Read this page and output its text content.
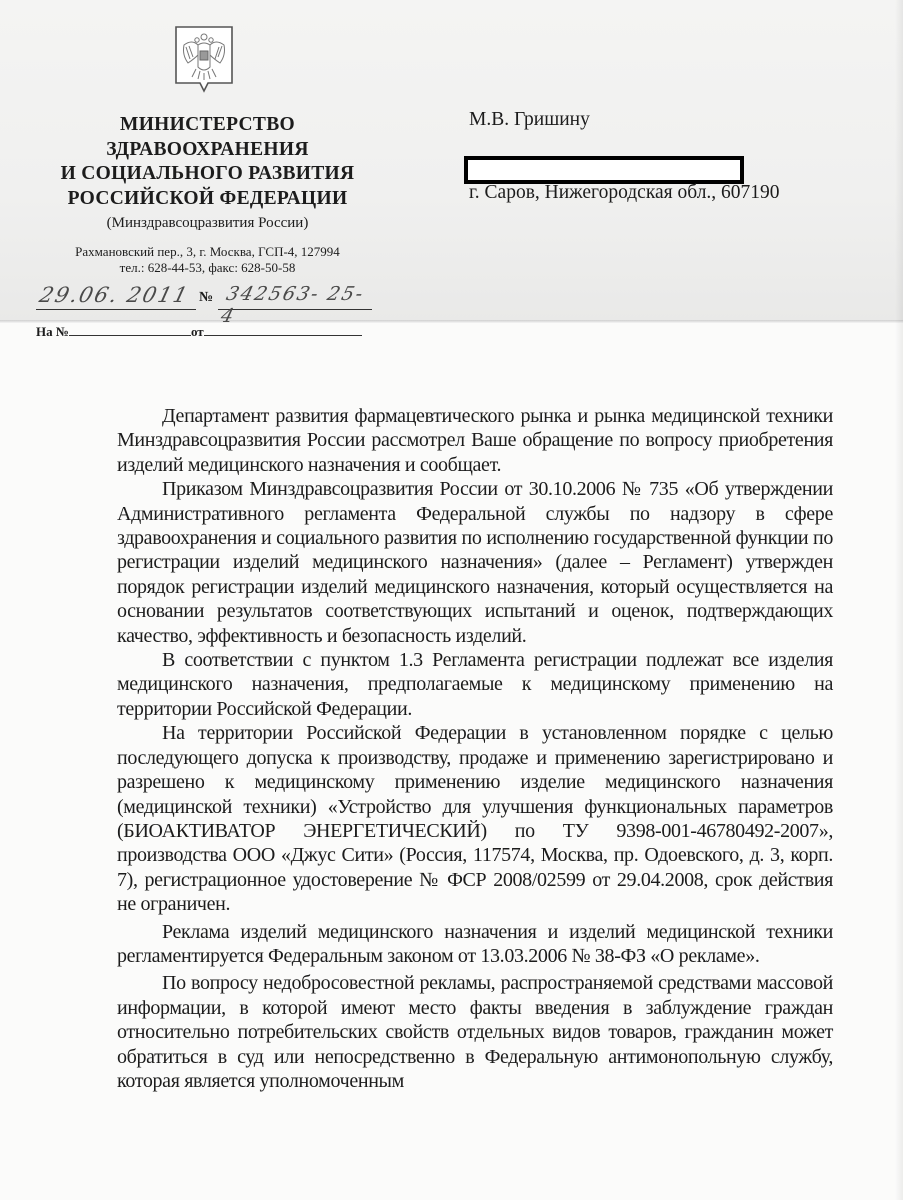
МИНИСТЕРСТВО
ЗДРАВООХРАНЕНИЯ
И СОЦИАЛЬНОГО РАЗВИТИЯ
РОССИЙСКОЙ ФЕДЕРАЦИИ
(Минздравсоцразвития России)
Рахмановский пер., 3, г. Москва, ГСП-4, 127994
тел.: 628-44-53, факс: 628-50-58
29.06. 2011 № 342563- 25-4
На №	от
М.В. Гришину
г. Саров, Нижегородская обл., 607190

Департамент развития фармацевтического рынка и рынка медицинской техники Минздравсоцразвития России рассмотрел Ваше обращение по вопросу приобретения изделий медицинского назначения и сообщает.

Приказом Минздравсоцразвития России от 30.10.2006 № 735 «Об утверждении Административного регламента Федеральной службы по надзору в сфере здравоохранения и социального развития по исполнению государственной функции по регистрации изделий медицинского назначения» (далее – Регламент) утвержден порядок регистрации изделий медицинского назначения, который осуществляется на основании результатов соответствующих испытаний и оценок, подтверждающих качество, эффективность и безопасность изделий.

В соответствии с пунктом 1.3 Регламента регистрации подлежат все изделия медицинского назначения, предполагаемые к медицинскому применению на территории Российской Федерации.

На территории Российской Федерации в установленном порядке с целью последующего допуска к производству, продаже и применению зарегистрировано и разрешено к медицинскому применению изделие медицинского назначения (медицинской техники) «Устройство для улучшения функциональных параметров (БИОАКТИВАТОР ЭНЕРГЕТИЧЕСКИЙ) по ТУ 9398-001-46780492-2007», производства ООО «Джус Сити» (Россия, 117574, Москва, пр. Одоевского, д. 3, корп. 7), регистрационное удостоверение № ФСР 2008/02599 от 29.04.2008, срок действия не ограничен.

Реклама изделий медицинского назначения и изделий медицинской техники регламентируется Федеральным законом от 13.03.2006 № 38-ФЗ «О рекламе».

По вопросу недобросовестной рекламы, распространяемой средствами массовой информации, в которой имеют место факты введения в заблуждение граждан относительно потребительских свойств отдельных видов товаров, гражданин может обратиться в суд или непосредственно в Федеральную антимонопольную службу, которая является уполномоченным
